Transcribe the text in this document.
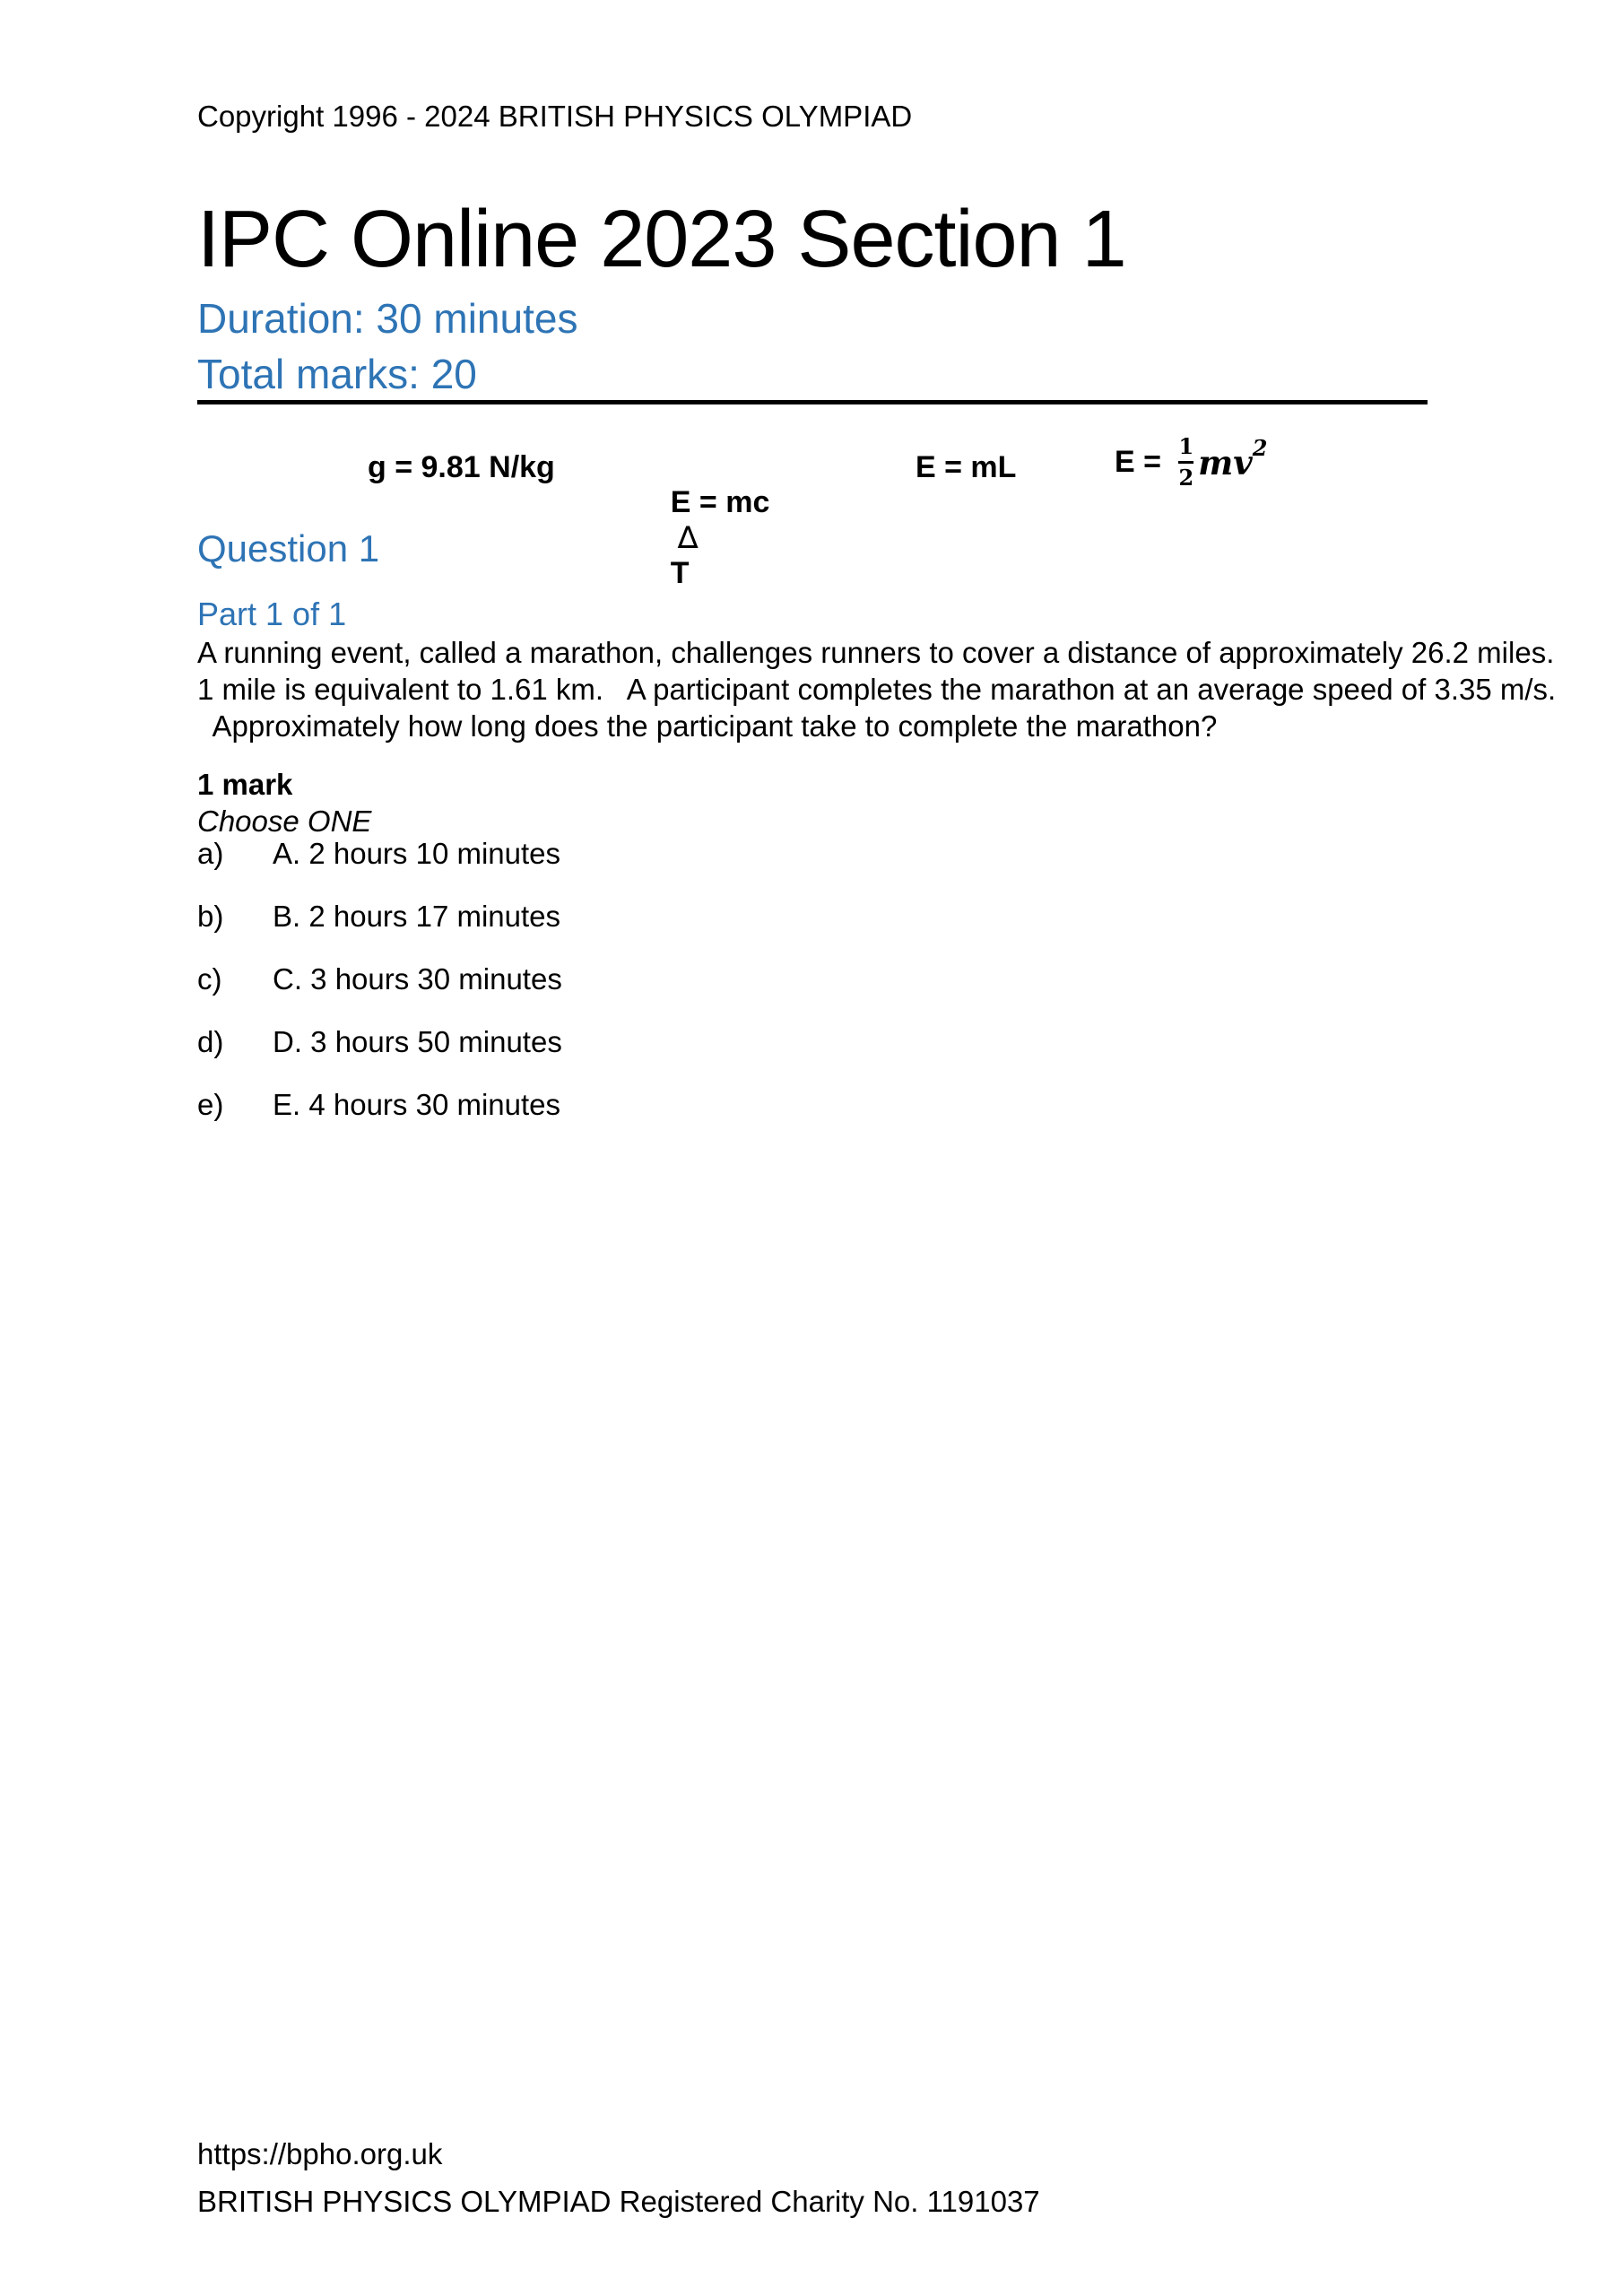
Copyright 1996 - 2024 BRITISH PHYSICS OLYMPIAD
IPC Online 2023 Section 1
Duration: 30 minutes
Total marks: 20
g = 9.81 N/kg

E = mc
∆
T

E = mL	$E = \frac{1}{2}$ mv 2
Question 1
Part 1 of 1
A running event, called a marathon, challenges runners to cover a distance of approximately 26.2 miles.
1 mile is equivalent to 1.61 km.   A participant completes the marathon at an average speed of 3.35 m/s.
Approximately how long does the participant take to complete the marathon?
1 mark
Choose ONE
a)	A. 2 hours 10 minutes
b)	B. 2 hours 17 minutes
c)	C. 3 hours 30 minutes
d)	D. 3 hours 50 minutes
e)	E. 4 hours 30 minutes
https://bpho.org.uk
BRITISH PHYSICS OLYMPIAD Registered Charity No. 1191037
